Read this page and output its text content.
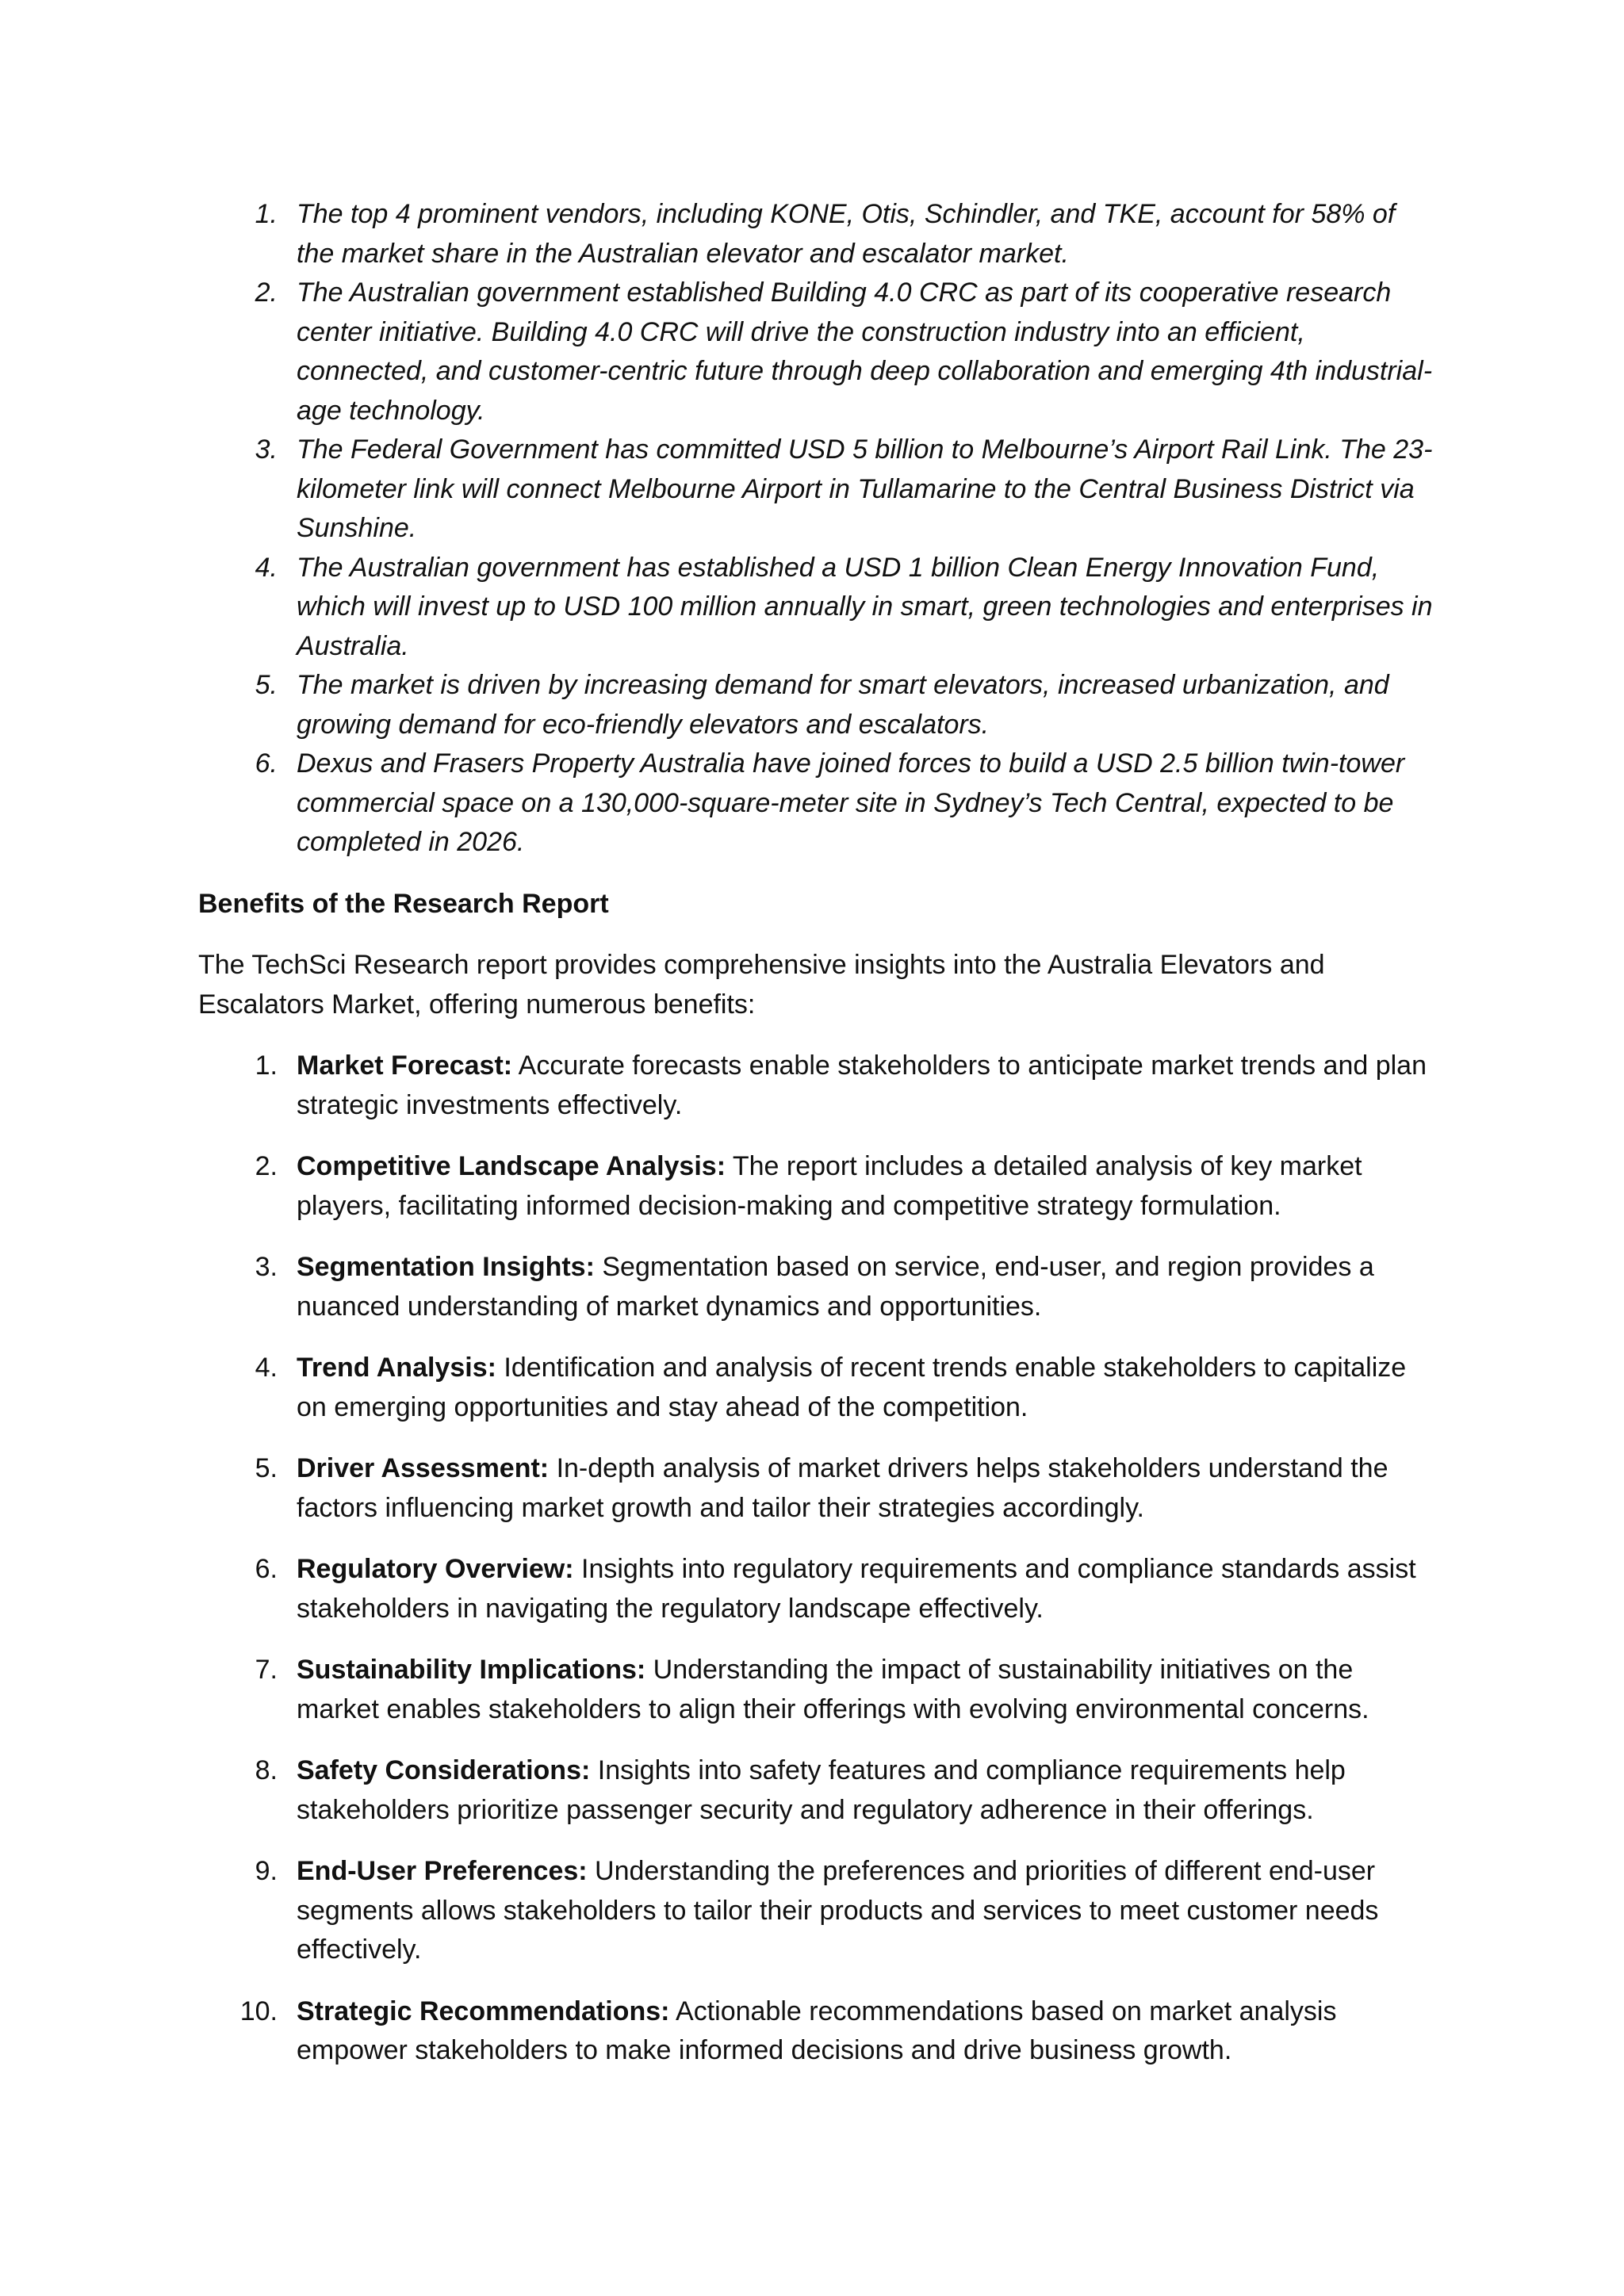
1. The top 4 prominent vendors, including KONE, Otis, Schindler, and TKE, account for 58% of the market share in the Australian elevator and escalator market.
2. The Australian government established Building 4.0 CRC as part of its cooperative research center initiative. Building 4.0 CRC will drive the construction industry into an efficient, connected, and customer-centric future through deep collaboration and emerging 4th industrial-age technology.
3. The Federal Government has committed USD 5 billion to Melbourne’s Airport Rail Link. The 23-kilometer link will connect Melbourne Airport in Tullamarine to the Central Business District via Sunshine.
4. The Australian government has established a USD 1 billion Clean Energy Innovation Fund, which will invest up to USD 100 million annually in smart, green technologies and enterprises in Australia.
5. The market is driven by increasing demand for smart elevators, increased urbanization, and growing demand for eco-friendly elevators and escalators.
6. Dexus and Frasers Property Australia have joined forces to build a USD 2.5 billion twin-tower commercial space on a 130,000-square-meter site in Sydney’s Tech Central, expected to be completed in 2026.
Benefits of the Research Report
The TechSci Research report provides comprehensive insights into the Australia Elevators and Escalators Market, offering numerous benefits:
1. Market Forecast: Accurate forecasts enable stakeholders to anticipate market trends and plan strategic investments effectively.
2. Competitive Landscape Analysis: The report includes a detailed analysis of key market players, facilitating informed decision-making and competitive strategy formulation.
3. Segmentation Insights: Segmentation based on service, end-user, and region provides a nuanced understanding of market dynamics and opportunities.
4. Trend Analysis: Identification and analysis of recent trends enable stakeholders to capitalize on emerging opportunities and stay ahead of the competition.
5. Driver Assessment: In-depth analysis of market drivers helps stakeholders understand the factors influencing market growth and tailor their strategies accordingly.
6. Regulatory Overview: Insights into regulatory requirements and compliance standards assist stakeholders in navigating the regulatory landscape effectively.
7. Sustainability Implications: Understanding the impact of sustainability initiatives on the market enables stakeholders to align their offerings with evolving environmental concerns.
8. Safety Considerations: Insights into safety features and compliance requirements help stakeholders prioritize passenger security and regulatory adherence in their offerings.
9. End-User Preferences: Understanding the preferences and priorities of different end-user segments allows stakeholders to tailor their products and services to meet customer needs effectively.
10. Strategic Recommendations: Actionable recommendations based on market analysis empower stakeholders to make informed decisions and drive business growth.
